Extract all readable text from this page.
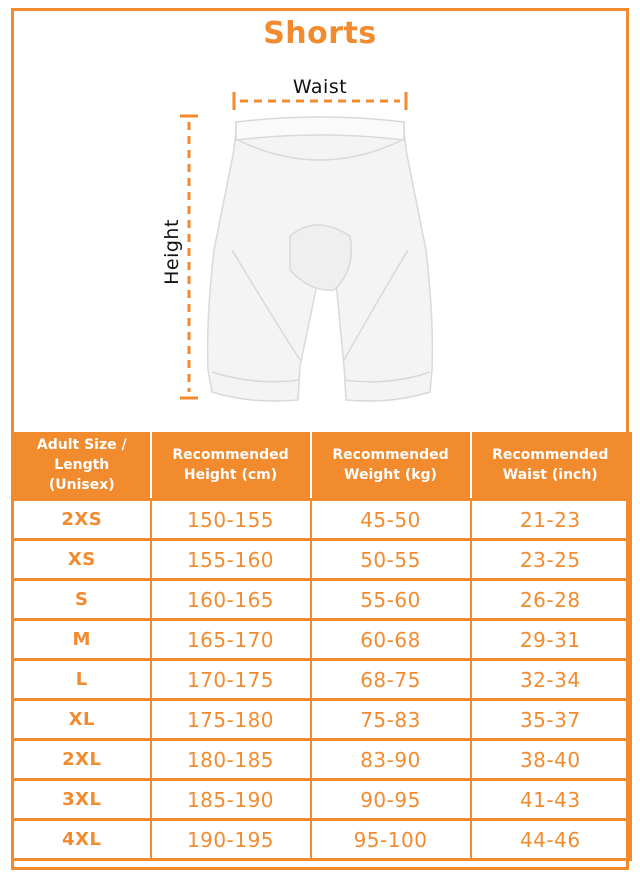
Shorts
Waist
Height
Adult Size / Length (Unisex)	Recommended Height (cm)	Recommended Weight (kg)	Recommended Waist (inch)
2XS	150-155	45-50	21-23
XS	155-160	50-55	23-25
S	160-165	55-60	26-28
M	165-170	60-68	29-31
L	170-175	68-75	32-34
XL	175-180	75-83	35-37
2XL	180-185	83-90	38-40
3XL	185-190	90-95	41-43
4XL	190-195	95-100	44-46
